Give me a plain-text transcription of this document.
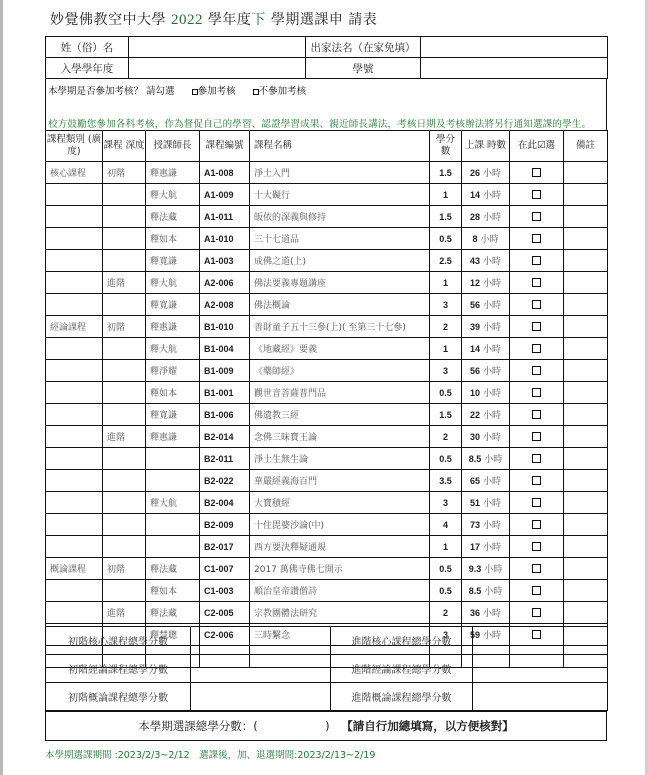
妙覺佛教空中大學 2022 學年度下 學期選課申 請表
姓（俗）名		出家法名（在家免填）	
入學學年度		學號	
本學期是否參加考核？ 請勾選 參加考核 不參加考核
校方鼓勵您參加各科考核，作為督促自己的學習、認證學習成果、親近師長講法，考核日期及考核辦法將另行通知選課的學生。
課程類別 (廣度)	課程 深度	授課師長	課程編號	課程名稱	學分 數	上課 時數	在此☑選	備註
核心課程	初階	釋惠謙	A1-008	淨土入門	1.5	26 小時		
		釋大航	A1-009	十大礙行	1	14 小時		
		釋法藏	A1-011	皈依的深義與修持	1.5	28 小時		
		釋如本	A1-010	三十七道品	0.5	8 小時		
		釋寬謙	A1-003	成佛之道(上)	2.5	43 小時		
	進階	釋大航	A2-006	佛法要義專題講座	1	12 小時		
		釋寬謙	A2-008	佛法概論	3	56 小時		
經論課程	初階	釋惠謙	B1-010	善財童子五十三參(上)( 至第三十七參)	2	39 小時		
		釋大航	B1-004	《地藏經》要義	1	14 小時		
		釋淨耀	B1-009	《藥師經》	3	56 小時		
		釋如本	B1-001	觀世音菩薩普門品	0.5	10 小時		
		釋寬謙	B1-006	佛遺教三經	1.5	22 小時		
	進階	釋惠謙	B2-014	念佛三昧寶王論	2	30 小時		
			B2-011	淨土生無生論	0.5	8.5 小時		
			B2-022	華嚴經義海百門	3.5	65 小時		
		釋大航	B2-004	大寶積經	3	51 小時		
			B2-009	十住毘婆沙論(中)	4	73 小時		
			B2-017	西方要決釋疑通規	1	17 小時		
概論課程	初階	釋法藏	C1-007	2017 萬佛寺佛七開示	0.5	9.3 小時		
		釋如本	C1-003	順治皇帝讚僧詩	0.5	8.5 小時		
	進階	釋法藏	C2-005	宗教團體法研究	2	36 小時		
		釋慧聰	C2-006	三時繫念	3	59 小時		

初階核心課程總學分數		進階核心課程總學分數	
初階經論課程總學分數		進階經論課程總學分數	
初階概論課程總學分數		進階概論課程總學分數	
本學期選課總學分數：(	) 【請自行加總填寫，以方便核對】
本學期選課期間 :2023/2/3~2/12　選課後，加、退選期間:2023/2/13~2/19
